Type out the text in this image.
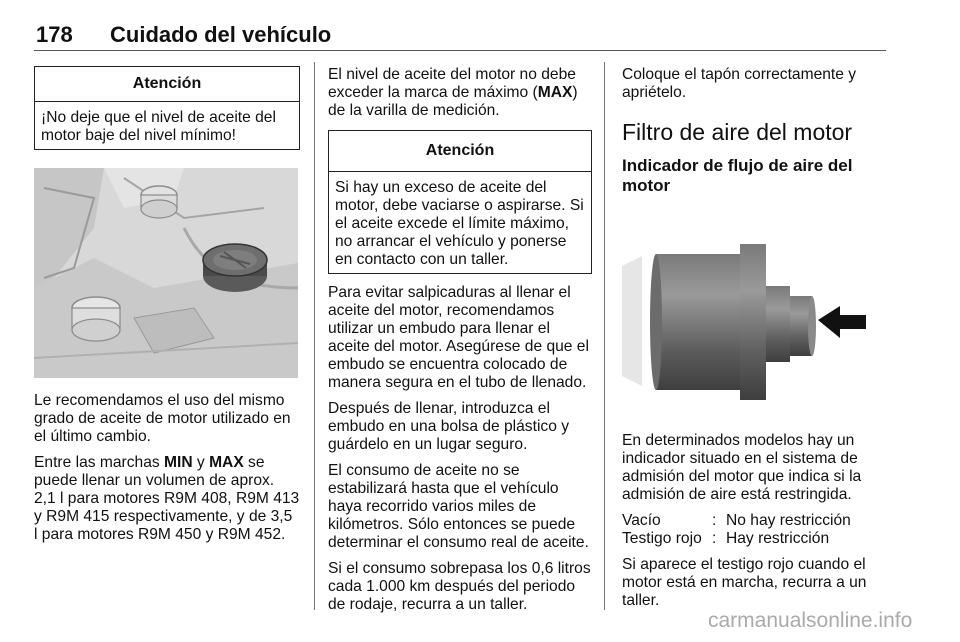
178 Cuidado del vehículo
Atención
¡No deje que el nivel de aceite del motor baje del nivel mínimo!

Le recomendamos el uso del mismo grado de aceite de motor utilizado en el último cambio.

Entre las marchas MIN y MAX se puede llenar un volumen de aprox. 2,1 l para motores R9M 408, R9M 413 y R9M 415 respectivamente, y de 3,5 l para motores R9M 450 y R9M 452.

El nivel de aceite del motor no debe exceder la marca de máximo (MAX) de la varilla de medición.

Atención
Si hay un exceso de aceite del motor, debe vaciarse o aspirarse. Si el aceite excede el límite máximo, no arrancar el vehículo y ponerse en contacto con un taller.

Para evitar salpicaduras al llenar el aceite del motor, recomendamos utilizar un embudo para llenar el aceite del motor. Asegúrese de que el embudo se encuentra colocado de manera segura en el tubo de llenado.

Después de llenar, introduzca el embudo en una bolsa de plástico y guárdelo en un lugar seguro.

El consumo de aceite no se estabilizará hasta que el vehículo haya recorrido varios miles de kilómetros. Sólo entonces se puede determinar el consumo real de aceite.

Si el consumo sobrepasa los 0,6 litros cada 1.000 km después del periodo de rodaje, recurra a un taller.

Coloque el tapón correctamente y apriételo.

Filtro de aire del motor
Indicador de flujo de aire del motor

En determinados modelos hay un indicador situado en el sistema de admisión del motor que indica si la admisión de aire está restringida.

Vacío	: No hay restricción
Testigo rojo : Hay restricción

Si aparece el testigo rojo cuando el motor está en marcha, recurra a un taller.

carmanualsonline.info
